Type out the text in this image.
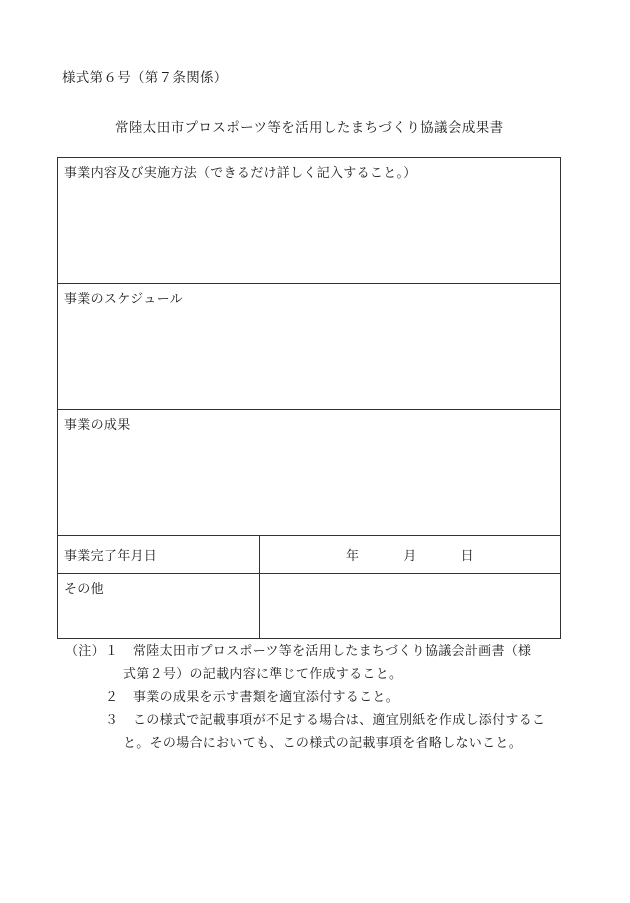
様式第６号（第７条関係）
常陸太田市プロスポーツ等を活用したまちづくり協議会成果書
事業内容及び実施方法（できるだけ詳しく記入すること。）	
事業のスケジュール	
事業の成果	
事業完了年月日	年 月 日
その他	
（注）１ 常陸太田市プロスポーツ等を活用したまちづくり協議会計画書（様
式第２号）の記載内容に準じて作成すること。
２ 事業の成果を示す書類を適宜添付すること。
３ この様式で記載事項が不足する場合は、適宜別紙を作成し添付するこ
と。その場合においても、この様式の記載事項を省略しないこと。
